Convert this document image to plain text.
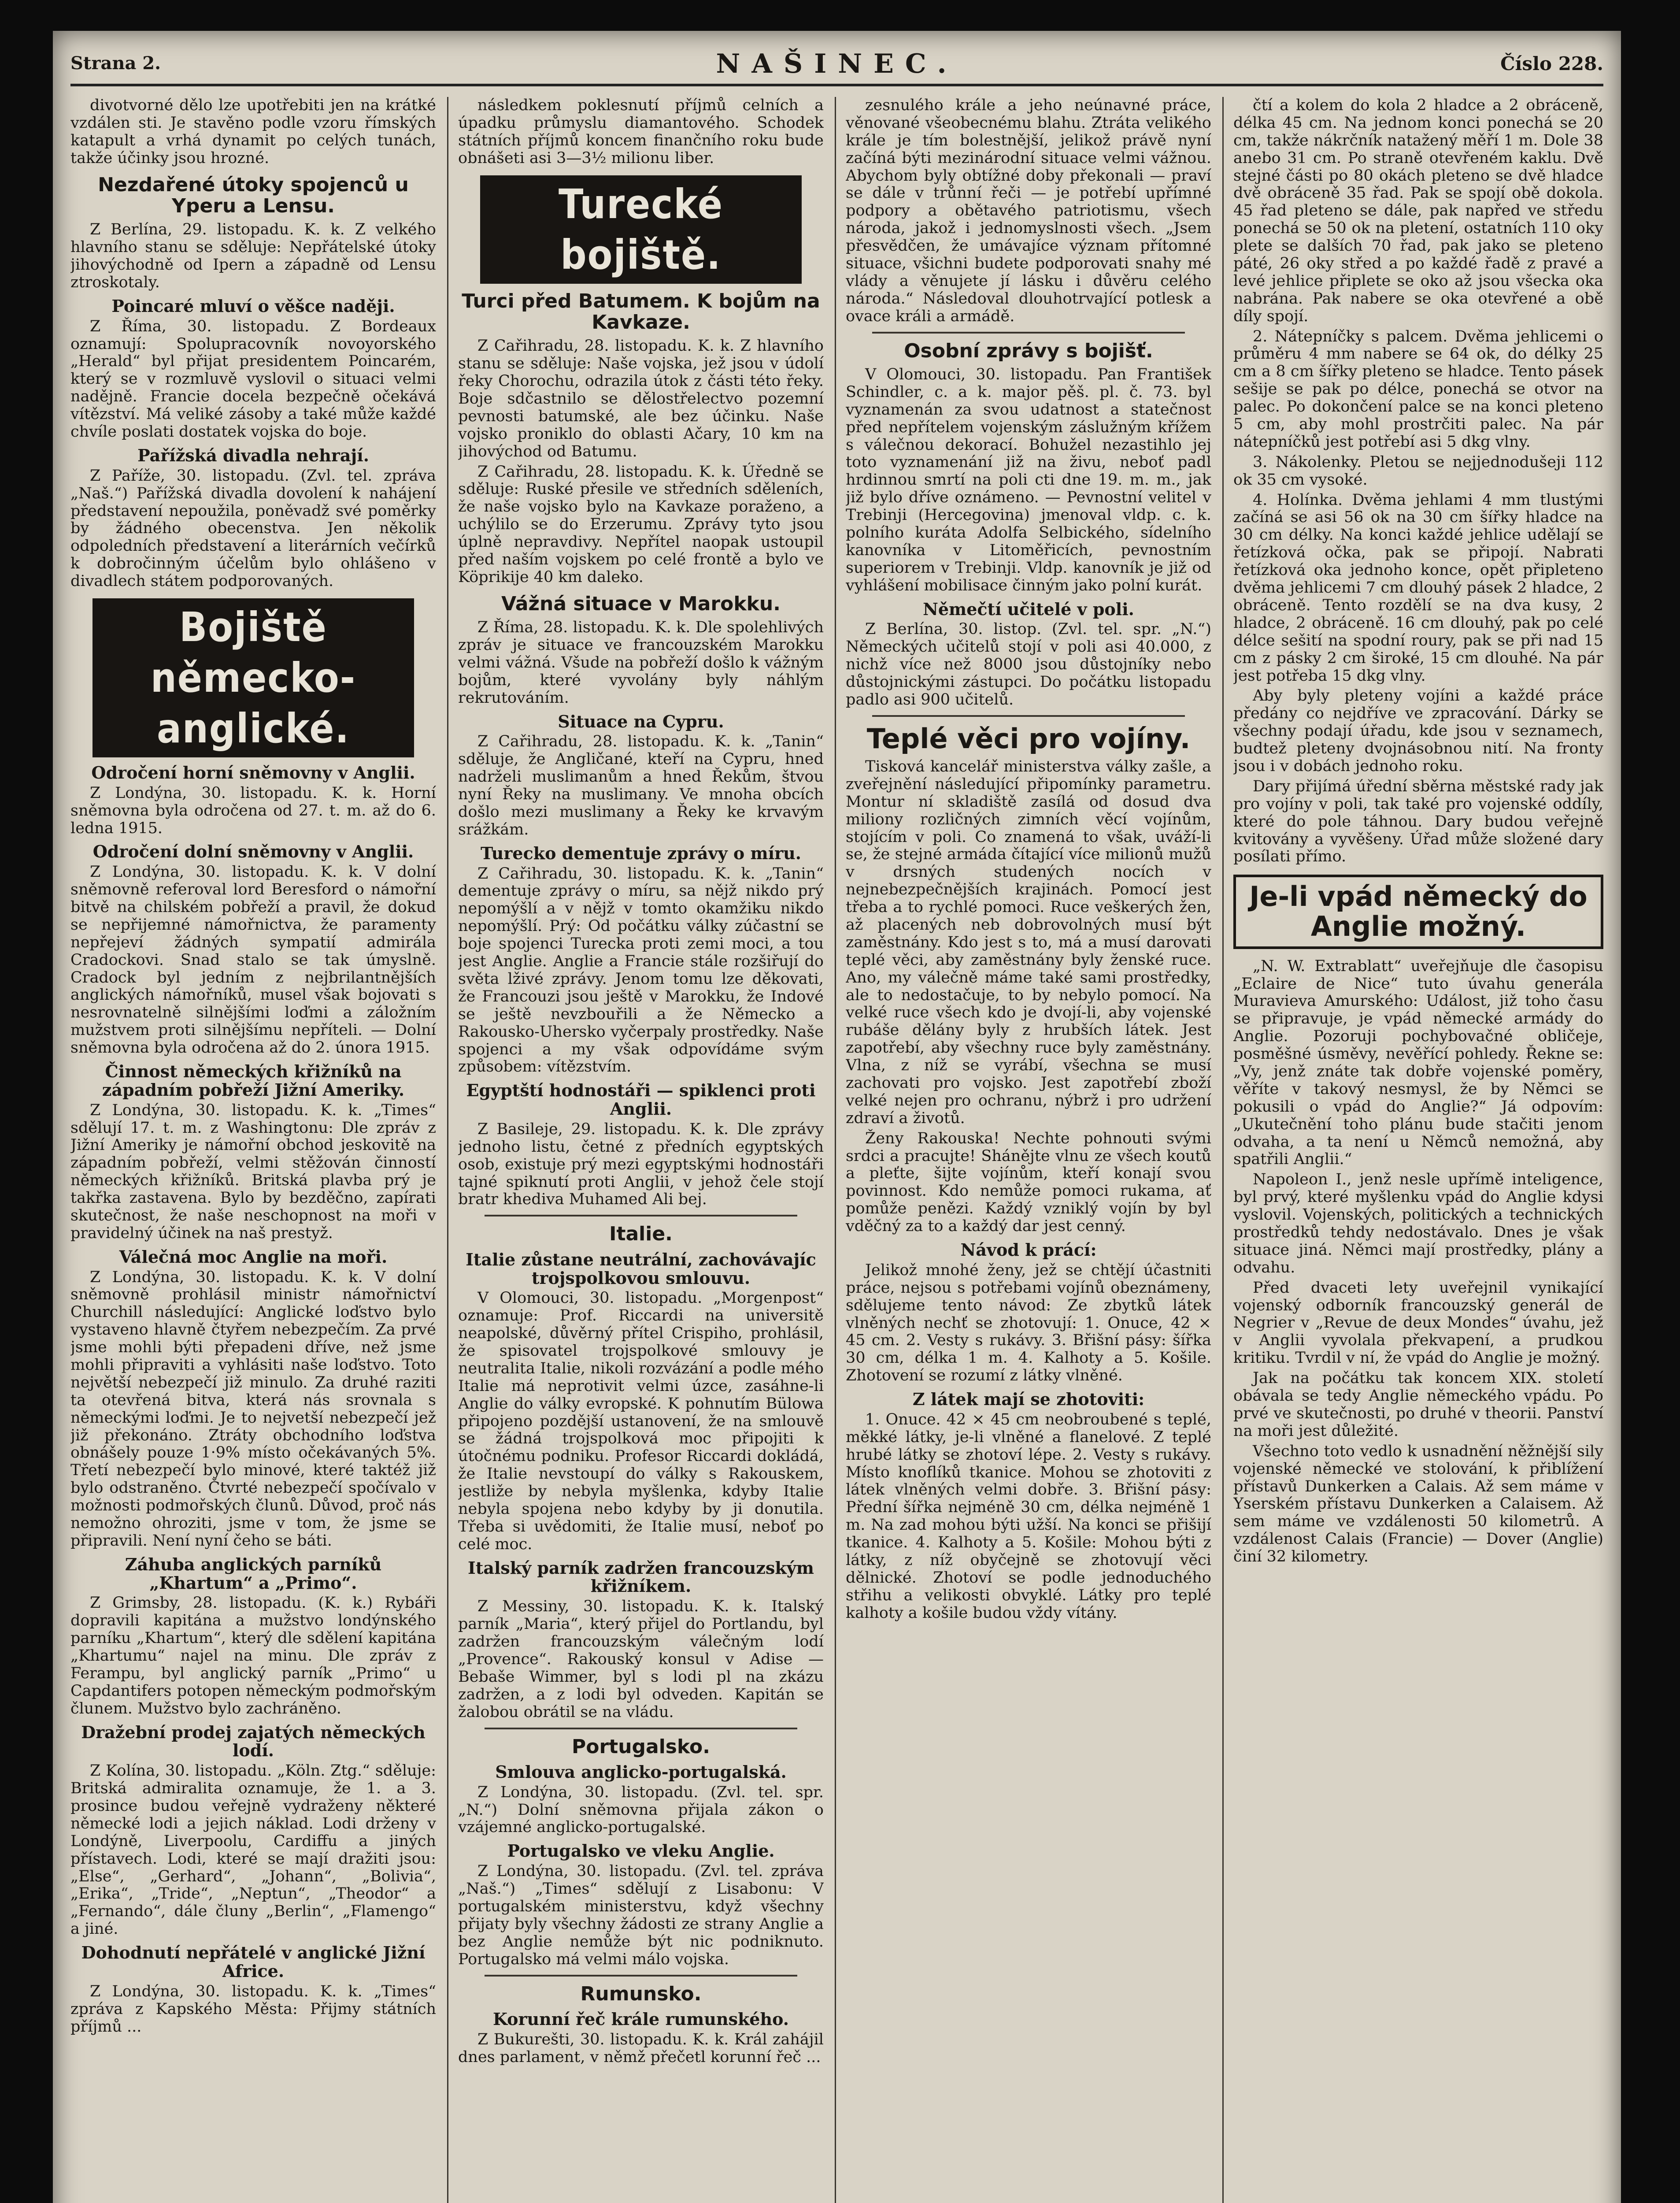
Strana 2.	NAŠINEC.	Číslo 228.

divotvorné dělo lze upotřebiti jen na krátké vzdálen sti. Je stavěno podle vzoru římských katapult a vrhá dynamit po celých tunách, takže účinky jsou hrozné.

Nezdařené útoky spojenců u Yperu a Lensu.

Z Berlína, 29. listopadu. K. k. Z velkého hlavního stanu se sděluje: Nepřátelské útoky jihovýchodně od Ipern a západně od Lensu ztroskotaly.

Poincaré mluví o věšce naději.

Z Říma, 30. listopadu. Z Bordeaux oznamují: Spolupracovník novoyorského „Herald“ byl přijat presidentem Poincarém, který se v rozmluvě vyslovil o situaci velmi nadějně. Francie docela bezpečně očekává vítězství. Má veliké zásoby a také může každé chvíle poslati dostatek vojska do boje.

Pařížská divadla nehrají.

Z Paříže, 30. listopadu. (Zvl. tel. zpráva „Naš.“) Pařížská divadla dovolení k nahájení představení nepoužila, poněvadž své poměrky by žádného obecenstva. Jen několik odpoledních představení a literárních večírků k dobročinným účelům bylo ohlášeno v divadlech státem podporovaných.

Bojiště německo-anglické.
Odročení horní sněmovny v Anglii.

Z Londýna, 30. listopadu. K. k. Horní sněmovna byla odročena od 27. t. m. až do 6. ledna 1915.

Odročení dolní sněmovny v Anglii.

Z Londýna, 30. listopadu. K. k. V dolní sněmovně referoval lord Beresford o námořní bitvě na chilském pobřeží a pravil, že dokud se nepřijemné námořnictva, že paramenty nepřejeví žádných sympatií admirála Cradockovi. Snad stalo se tak úmyslně. Cradock byl jedním z nejbrilantnějších anglických námořníků, musel však bojovati s nesrovnatelně silnějšími loďmi a záložním mužstvem proti silnějšímu nepříteli. — Dolní sněmovna byla odročena až do 2. února 1915.

Činnost německých křižníků na západním pobřeží Jižní Ameriky.

Z Londýna, 30. listopadu. K. k. „Times“ sdělují 17. t. m. z Washingtonu: Dle zpráv z Jižní Ameriky je námořní obchod jeskovitě na západním pobřeží, velmi stěžován činností německých křižníků. Britská plavba prý je takřka zastavena. Bylo by bezděčno, zapírati skutečnost, že naše neschopnost na moři v pravidelný účinek na naš prestyž.

Válečná moc Anglie na moři.

Z Londýna, 30. listopadu. K. k. V dolní sněmovně prohlásil ministr námořnictví Churchill následující: Anglické loďstvo bylo vystaveno hlavně čtyřem nebezpečím. Za prvé jsme mohli býti přepadeni dříve, než jsme mohli připraviti a vyhlásiti naše loďstvo. Toto největší nebezpečí již minulo. Za druhé raziti ta otevřená bitva, která nás srovnala s německými loďmi. Je to nejvetší nebezpečí jež již překonáno. Ztráty obchodního loďstva obnášely pouze 1·9% místo očekávaných 5%. Třetí nebezpečí bylo minové, které taktéž již bylo odstraněno. Čtvrté nebezpečí spočívalo v možnosti podmořských člunů. Důvod, proč nás nemožno ohroziti, jsme v tom, že jsme se připravili. Není nyní čeho se báti.

Záhuba anglických parníků „Khartum“ a „Primo“.

Z Grimsby, 28. listopadu. (K. k.) Rybáři dopravili kapitána a mužstvo londýnského parníku „Khartum“, který dle sdělení kapitána „Khartumu“ najel na minu. Dle zpráv z Ferampu, byl anglický parník „Primo“ u Capdantifers potopen německým podmořským člunem. Mužstvo bylo zachráněno.

Dražební prodej zajatých německých lodí.

Z Kolína, 30. listopadu. „Köln. Ztg.“ sděluje: Britská admiralita oznamuje, že 1. a 3. prosince budou veřejně vydraženy některé německé lodi a jejich náklad. Lodi drženy v Londýně, Liverpoolu, Cardiffu a jiných přístavech. Lodi, které se mají dražiti jsou: „Else“, „Gerhard“, „Johann“, „Bolivia“, „Erika“, „Tride“, „Neptun“, „Theodor“ a „Fernando“, dále čluny „Berlin“, „Flamengo“ a jiné.

Dohodnutí nepřátelé v anglické Jižní Africe.

Z Londýna, 30. listopadu. K. k. „Times“ zpráva z Kapského Města: Přijmy státních příjmů ...

následkem poklesnutí příjmů celních a úpadku průmyslu diamantového. Schodek státních příjmů koncem finančního roku bude obnášeti asi 3—3½ milionu liber.

Turecké bojiště.
Turci před Batumem. K bojům na Kavkaze.

Z Cařihradu, 28. listopadu. K. k. Z hlavního stanu se sděluje: Naše vojska, jež jsou v údolí řeky Chorochu, odrazila útok z části této řeky. Boje sdčastnilo se dělostřelectvo pozemní pevnosti batumské, ale bez účinku. Naše vojsko proniklo do oblasti Ačary, 10 km na jihovýchod od Batumu.

Z Cařihradu, 28. listopadu. K. k. Úředně se sděluje: Ruské přesile ve středních sděleních, že naše vojsko bylo na Kavkaze poraženo, a uchýlilo se do Erzerumu. Zprávy tyto jsou úplně nepravdivy. Nepřítel naopak ustoupil před naším vojskem po celé frontě a bylo ve Köprikije 40 km daleko.

Vážná situace v Marokku.

Z Říma, 28. listopadu. K. k. Dle spolehlivých zpráv je situace ve francouzském Marokku velmi vážná. Všude na pobřeží došlo k vážným bojům, které vyvolány byly náhlým rekrutováním.

Situace na Cypru.

Z Cařihradu, 28. listopadu. K. k. „Tanin“ sděluje, že Angličané, kteří na Cypru, hned nadrželi muslimanům a hned Řekům, štvou nyní Řeky na muslimany. Ve mnoha obcích došlo mezi muslimany a Řeky ke krvavým srážkám.

Turecko dementuje zprávy o míru.

Z Cařihradu, 30. listopadu. K. k. „Tanin“ dementuje zprávy o míru, sa nějž nikdo prý nepomýšlí a v nějž v tomto okamžiku nikdo nepomýšlí. Prý: Od počátku války zúčastní se boje spojenci Turecka proti zemi moci, a tou jest Anglie. Anglie a Francie stále rozšiřují do světa lživé zprávy. Jenom tomu lze děkovati, že Francouzi jsou ještě v Marokku, že Indové se ještě nevzbouřili a že Německo a Rakousko-Uhersko vyčerpaly prostředky. Naše spojenci a my však odpovídáme svým způsobem: vítězstvím.

Egyptští hodnostáři — spiklenci proti Anglii.

Z Basileje, 29. listopadu. K. k. Dle zprávy jednoho listu, četné z předních egyptských osob, existuje prý mezi egyptskými hodnostáři tajné spiknutí proti Anglii, v jehož čele stojí bratr khediva Muhamed Ali bej.

Italie.
Italie zůstane neutrální, zachovávajíc trojspolkovou smlouvu.

V Olomouci, 30. listopadu. „Morgenpost“ oznamuje: Prof. Riccardi na universitě neapolské, důvěrný přítel Crispiho, prohlásil, že spisovatel trojspolkové smlouvy je neutralita Italie, nikoli rozvázání a podle mého Italie má neprotivit velmi úzce, zasáhne-li Anglie do války evropské. K pohnutím Bülowa připojeno pozdější ustanovení, že na smlouvě se žádná trojspolková moc připojiti k útočnému podniku. Profesor Riccardi dokládá, že Italie nevstoupí do války s Rakouskem, jestliže by nebyla myšlenka, kdyby Italie nebyla spojena nebo kdyby by ji donutila. Třeba si uvědomiti, že Italie musí, neboť po celé moc.

Italský parník zadržen francouzským křižníkem.

Z Messiny, 30. listopadu. K. k. Italský parník „Maria“, který přijel do Portlandu, byl zadržen francouzským válečným lodí „Provence“. Rakouský konsul v Adise — Bebaše Wimmer, byl s lodi pl na zkázu zadržen, a z lodi byl odveden. Kapitán se žalobou obrátil se na vládu.

Portugalsko.
Smlouva anglicko-portugalská.

Z Londýna, 30. listopadu. (Zvl. tel. spr. „N.“) Dolní sněmovna přijala zákon o vzájemné anglicko-portugalské.

Portugalsko ve vleku Anglie.

Z Londýna, 30. listopadu. (Zvl. tel. zpráva „Naš.“) „Times“ sdělují z Lisabonu: V portugalském ministerstvu, když všechny přijaty byly všechny žádosti ze strany Anglie a bez Anglie nemůže být nic podniknuto. Portugalsko má velmi málo vojska.

Rumunsko.
Korunní řeč krále rumunského.

Z Bukurešti, 30. listopadu. K. k. Král zahájil dnes parlament, v němž přečetl korunní řeč ...

zesnulého krále a jeho neúnavné práce, věnované všeobecnému blahu. Ztráta velikého krále je tím bolestnější, jelikož právě nyní začíná býti mezinárodní situace velmi vážnou. Abychom byly obtížné doby překonali — praví se dále v trůnní řeči — je potřebí upřímné podpory a obětavého patriotismu, všech národa, jakož i jednomyslnosti všech. „Jsem přesvědčen, že umávajíce význam přítomné situace, všichni budete podporovati snahy mé vlády a věnujete jí lásku i důvěru celého národa.“ Následoval dlouhotrvající potlesk a ovace králi a armádě.

Osobní zprávy s bojišť.

V Olomouci, 30. listopadu. Pan František Schindler, c. a k. major pěš. pl. č. 73. byl vyznamenán za svou udatnost a statečnost před nepřítelem vojenským záslužným křížem s válečnou dekorací. Bohužel nezastihlo jej toto vyznamenání již na živu, neboť padl hrdinnou smrtí na poli cti dne 19. m. m., jak již bylo dříve oznámeno. — Pevnostní velitel v Trebinji (Hercegovina) jmenoval vldp. c. k. polního kuráta Adolfa Selbického, sídelního kanovníka v Litoměřicích, pevnostním superiorem v Trebinji. Vldp. kanovník je již od vyhlášení mobilisace činným jako polní kurát.

Němečtí učitelé v poli.

Z Berlína, 30. listop. (Zvl. tel. spr. „N.“) Německých učitelů stojí v poli asi 40.000, z nichž více než 8000 jsou důstojníky nebo důstojnickými zástupci. Do počátku listopadu padlo asi 900 učitelů.

Teplé věci pro vojíny.

Tisková kancelář ministerstva války zašle, a zveřejnění následující připomínky parametru. Montur ní skladiště zasílá od dosud dva miliony rozličných zimních věcí vojínům, stojícím v poli. Co znamená to však, uváží-li se, že stejné armáda čítající více milionů mužů v drsných studených nocích v nejnebezpečnějších krajinách. Pomocí jest třeba a to rychlé pomoci. Ruce veškerých žen, až placených neb dobrovolných musí být zaměstnány. Kdo jest s to, má a musí darovati teplé věci, aby zaměstnány byly ženské ruce. Ano, my válečně máme také sami prostředky, ale to nedostačuje, to by nebylo pomocí. Na velké ruce všech kdo je dvojí-li, aby vojenské rubáše dělány byly z hrubších látek. Jest zapotřebí, aby všechny ruce byly zaměstnány. Vlna, z níž se vyrábí, všechna se musí zachovati pro vojsko. Jest zapotřebí zboží velké nejen pro ochranu, nýbrž i pro udržení zdraví a životů.

Ženy Rakouska! Nechte pohnouti svými srdci a pracujte! Shánějte vlnu ze všech koutů a pleťte, šijte vojínům, kteří konají svou povinnost. Kdo nemůže pomoci rukama, ať pomůže penězi. Každý vzniklý vojín by byl vděčný za to a každý dar jest cenný.

Návod k prácí:

Jelikož mnohé ženy, jež se chtějí účastniti práce, nejsou s potřebami vojínů obeznámeny, sdělujeme tento návod: Ze zbytků látek vlněných nechť se zhotovují: 1. Onuce, 42 × 45 cm. 2. Vesty s rukávy. 3. Břišní pásy: šířka 30 cm, délka 1 m. 4. Kalhoty a 5. Košile. Zhotovení se rozumí z látky vlněné.

Z látek mají se zhotoviti:

1. Onuce. 42 × 45 cm neobroubené s teplé, měkké látky, je-li vlněné a flanelové. Z teplé hrubé látky se zhotoví lépe. 2. Vesty s rukávy. Místo knoflíků tkanice. Mohou se zhotoviti z látek vlněných velmi dobře. 3. Břišní pásy: Přední šířka nejméně 30 cm, délka nejméně 1 m. Na zad mohou býti užší. Na konci se přišijí tkanice. 4. Kalhoty a 5. Košile: Mohou býti z látky, z níž obyčejně se zhotovují věci dělnické. Zhotoví se podle jednoduchého střihu a velikosti obvyklé. Látky pro teplé kalhoty a košile budou vždy vítány.

čtí a kolem do kola 2 hladce a 2 obráceně, délka 45 cm. Na jednom konci ponechá se 20 cm, takže nákrčník natažený měří 1 m. Dole 38 anebo 31 cm. Po straně otevřeném kaklu. Dvě stejné části po 80 okách pleteno se dvě hladce dvě obráceně 35 řad. Pak se spojí obě dokola. 45 řad pleteno se dále, pak napřed ve středu ponechá se 50 ok na pletení, ostatních 110 oky plete se dalších 70 řad, pak jako se pleteno páté, 26 oky střed a po každé řadě z pravé a levé jehlice připlete se oko až jsou všecka oka nabrána. Pak nabere se oka otevřené a obě díly spojí.

2. Nátepníčky s palcem. Dvěma jehlicemi o průměru 4 mm nabere se 64 ok, do délky 25 cm a 8 cm šířky pleteno se hladce. Tento pásek sešije se pak po délce, ponechá se otvor na palec. Po dokončení palce se na konci pleteno 5 cm, aby mohl prostrčiti palec. Na pár nátepníčků jest potřebí asi 5 dkg vlny.

3. Nákolenky. Pletou se nejjednodušeji 112 ok 35 cm vysoké.

4. Holínka. Dvěma jehlami 4 mm tlustými začíná se asi 56 ok na 30 cm šířky hladce na 30 cm délky. Na konci každé jehlice udělají se řetízková očka, pak se připojí. Nabrati řetízková oka jednoho konce, opět připleteno dvěma jehlicemi 7 cm dlouhý pásek 2 hladce, 2 obráceně. Tento rozdělí se na dva kusy, 2 hladce, 2 obráceně. 16 cm dlouhý, pak po celé délce sešití na spodní roury, pak se při nad 15 cm z pásky 2 cm široké, 15 cm dlouhé. Na pár jest potřeba 15 dkg vlny.

Aby byly pleteny vojíni a každé práce předány co nejdříve ve zpracování. Dárky se všechny podají úřadu, kde jsou v seznamech, budtež pleteny dvojnásobnou nití. Na fronty jsou i v dobách jednoho roku.

Dary přijímá úřední sběrna městské rady jak pro vojíny v poli, tak také pro vojenské oddíly, které do pole táhnou. Dary budou veřejně kvitovány a vyvěšeny. Úřad může složené dary posílati přímo.

Je-li vpád německý do Anglie možný.

„N. W. Extrablatt“ uveřejňuje dle časopisu „Eclaire de Nice“ tuto úvahu generála Muravieva Amurského: Událost, již toho času se připravuje, je vpád německé armády do Anglie. Pozoruji pochybovačné obličeje, posměšné úsměvy, nevěřící pohledy. Řekne se: „Vy, jenž znáte tak dobře vojenské poměry, věříte v takový nesmysl, že by Němci se pokusili o vpád do Anglie?“ Já odpovím: „Ukutečnění toho plánu bude stačiti jenom odvaha, a ta není u Němců nemožná, aby spatřili Anglii.“

Napoleon I., jenž nesle upřímě inteligence, byl prvý, které myšlenku vpád do Anglie kdysi vyslovil. Vojenských, politických a technických prostředků tehdy nedostávalo. Dnes je však situace jiná. Němci mají prostředky, plány a odvahu.

Před dvaceti lety uveřejnil vynikající vojenský odborník francouzský generál de Negrier v „Revue de deux Mondes“ úvahu, jež v Anglii vyvolala překvapení, a prudkou kritiku. Tvrdil v ní, že vpád do Anglie je možný.

Jak na počátku tak koncem XIX. století obávala se tedy Anglie německého vpádu. Po prvé ve skutečnosti, po druhé v theorii. Panství na moři jest důležité.

Všechno toto vedlo k usnadnění něžnější sily vojenské německé ve stolování, k přiblížení přístavů Dunkerken a Calais. Až sem máme v Yserském přístavu Dunkerken a Calaisem. Až sem máme ve vzdálenosti 50 kilometrů. A vzdálenost Calais (Francie) — Dover (Anglie) činí 32 kilometry.
